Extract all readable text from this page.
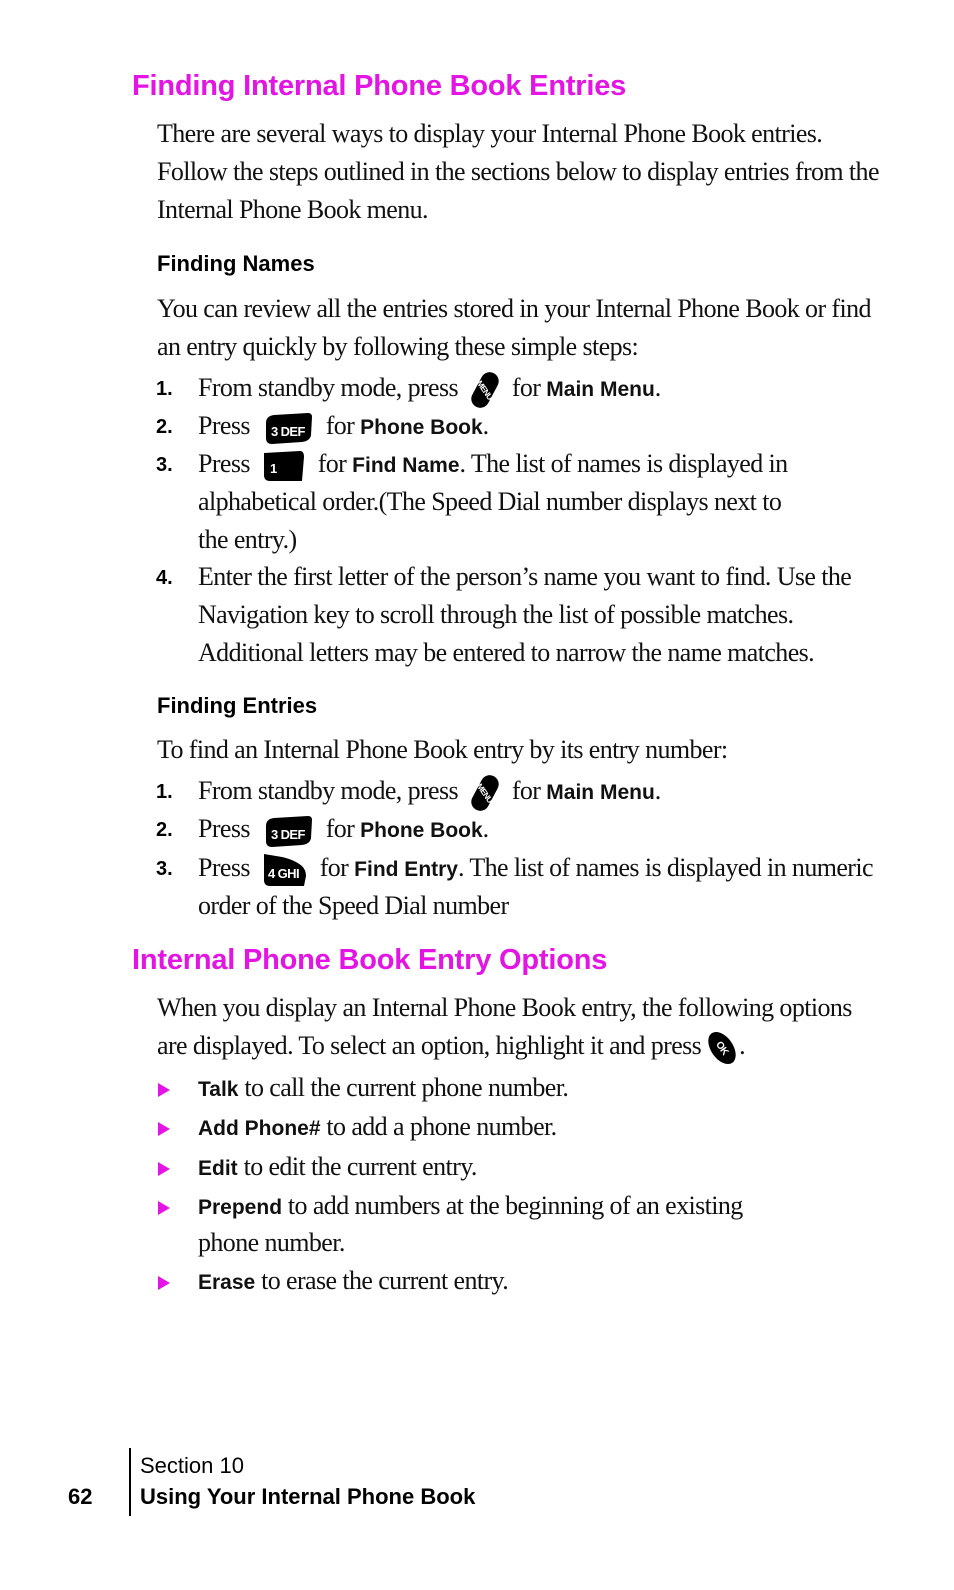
Finding Internal Phone Book Entries

There are several ways to display your Internal Phone Book entries.

Follow the steps outlined in the sections below to display entries from the

Internal Phone Book menu.

Finding Names

You can review all the entries stored in your Internal Phone Book or find

an entry quickly by following these simple steps:

1. From standby mode, press MENU for Main Menu.
2. Press 3 DEF for Phone Book.
3. Press 1 for Find Name. The list of names is displayed in
alphabetical order.(The Speed Dial number displays next to
the entry.)
4. Enter the first letter of the person’s name you want to find. Use the
Navigation key to scroll through the list of possible matches.
Additional letters may be entered to narrow the name matches.
Finding Entries

To find an Internal Phone Book entry by its entry number:

1. From standby mode, press MENU for Main Menu.
2. Press 3 DEF for Phone Book.
3. Press 4 GHI for Find Entry. The list of names is displayed in numeric
order of the Speed Dial number
Internal Phone Book Entry Options

When you display an Internal Phone Book entry, the following options

are displayed. To select an option, highlight it and press OK .

Talk to call the current phone number.
Add Phone# to add a phone number.
Edit to edit the current entry.
Prepend to add numbers at the beginning of an existing
phone number.
Erase to erase the current entry.
62
Section 10
Using Your Internal Phone Book
